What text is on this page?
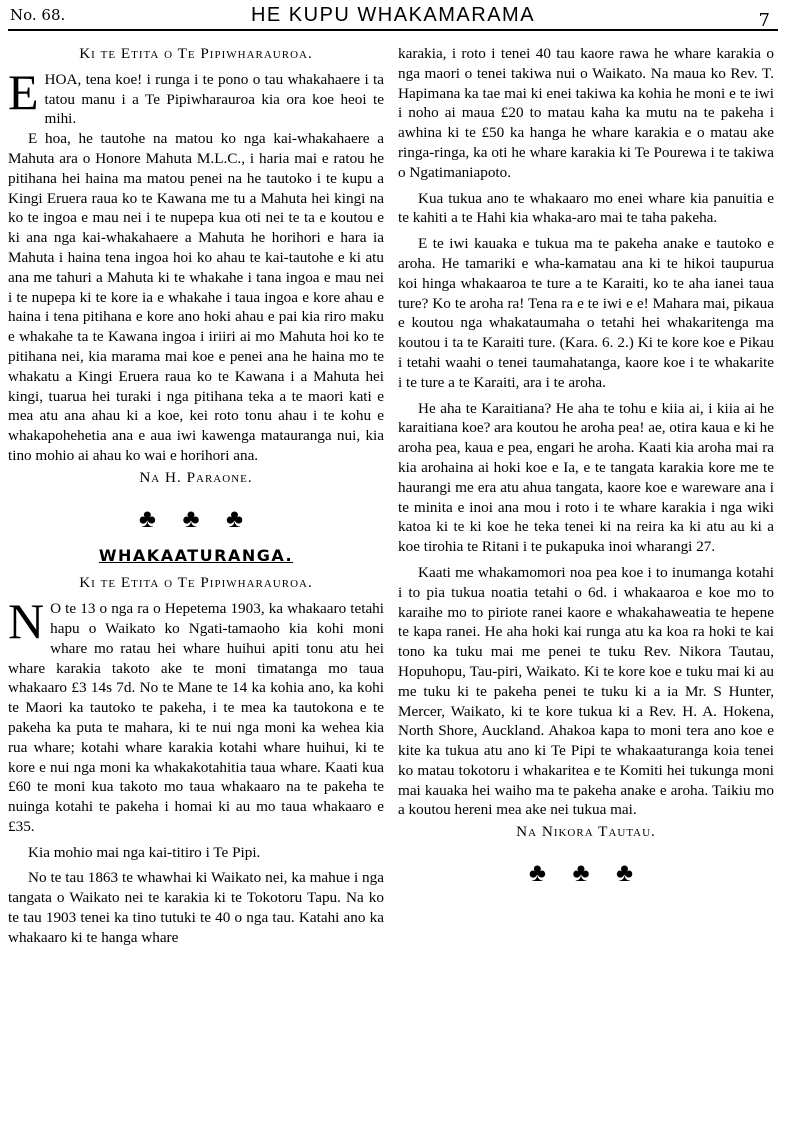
No. 68.	HE KUPU WHAKAMARAMA	7

Ki te Etita o Te Pipiwharauroa.

EHOA, tena koe! i runga i te pono o tau whakahaere i ta tatou manu i a Te Pipiwharauroa kia ora koe heoi te mihi.

E hoa, he tautohe na matou ko nga kai-whakahaere a Mahuta ara o Honore Mahuta M.L.C., i haria mai e ratou he pitihana hei haina ma matou penei na he tautoko i te kupu a Kingi Eruera raua ko te Kawana me tu a Mahuta hei kingi na ko te ingoa e mau nei i te nupepa kua oti nei te ta e koutou e ki ana nga kai-whakahaere a Mahuta he horihori e hara ia Mahuta i haina tena ingoa hoi ko ahau te kai-tautohe e ki atu ana me tahuri a Mahuta ki te whakahe i tana ingoa e mau nei i te nupepa ki te kore ia e whakahe i taua ingoa e kore ahau e haina i tena pitihana e kore ano hoki ahau e pai kia riro maku e whakahe ta te Kawana ingoa i iriiri ai mo Mahuta hoi ko te pitihana nei, kia marama mai koe e penei ana he haina mo te whakatu a Kingi Eruera raua ko te Kawana i a Mahuta hei kingi, tuarua hei turaki i nga pitihana teka a te maori kati e mea atu ana ahau ki a koe, kei roto tonu ahau i te kohu e whakapohehetia ana e aua iwi kawenga matauranga nui, kia tino mohio ai ahau ko wai e horihori ana.

Na H. Paraone.

♣ ♣ ♣
WHAKAATURANGA.

Ki te Etita o Te Pipiwharauroa.

N O te 13 o nga ra o Hepetema 1903, ka whakaaro tetahi hapu o Waikato ko Ngati-tamaoho kia kohi moni whare mo ratau hei whare huihui apiti tonu atu hei whare karakia takoto ake te moni timatanga mo taua whakaaro £3 14s 7d. No te Mane te 14 ka kohia ano, ka kohi te Maori ka tautoko te pakeha, i te mea ka tautokona e te pakeha ka puta te mahara, ki te nui nga moni ka wehea kia rua whare; kotahi whare karakia kotahi whare huihui, ki te kore e nui nga moni ka whakakotahitia taua whare. Kaati kua £60 te moni kua takoto mo taua whakaaro na te pakeha te nuinga kotahi te pakeha i homai ki au mo taua whakaaro e £35.

Kia mohio mai nga kai-titiro i Te Pipi.

No te tau 1863 te whawhai ki Waikato nei, ka mahue i nga tangata o Waikato nei te karakia ki te Tokotoru Tapu. Na ko te tau 1903 tenei ka tino tutuki te 40 o nga tau. Katahi ano ka whakaaro ki te hanga whare

karakia, i roto i tenei 40 tau kaore rawa he whare karakia o nga maori o tenei takiwa nui o Waikato. Na maua ko Rev. T. Hapimana ka tae mai ki enei takiwa ka kohia he moni e te iwi i noho ai maua £20 to matau kaha ka mutu na te pakeha i awhina ki te £50 ka hanga he whare karakia e o matau ake ringa-ringa, ka oti he whare karakia ki Te Pourewa i te takiwa o Ngatimaniapoto.

Kua tukua ano te whakaaro mo enei whare kia panuitia e te kahiti a te Hahi kia whaka-aro mai te taha pakeha.

E te iwi kauaka e tukua ma te pakeha anake e tautoko e aroha. He tamariki e wha-kamatau ana ki te hikoi taupurua koi hinga whakaaroa te ture a te Karaiti, ko te aha ianei taua ture? Ko te aroha ra! Tena ra e te iwi e e! Mahara mai, pikaua e koutou nga whakataumaha o tetahi hei whakaritenga ma koutou i ta te Karaiti ture. (Kara. 6. 2.) Ki te kore koe e Pikau i tetahi waahi o tenei taumahatanga, kaore koe i te whakarite i te ture a te Karaiti, ara i te aroha.

He aha te Karaitiana? He aha te tohu e kiia ai, i kiia ai he karaitiana koe? ara koutou he aroha pea! ae, otira kaua e ki he aroha pea, kaua e pea, engari he aroha. Kaati kia aroha mai ra kia arohaina ai hoki koe e Ia, e te tangata karakia kore me te haurangi me era atu ahua tangata, kaore koe e wareware ana i te minita e inoi ana mou i roto i te whare karakia i nga wiki katoa ki te ki koe he teka tenei ki na reira ka ki atu au ki a koe tirohia te Ritani i te pukapuka inoi wharangi 27.

Kaati me whakamomori noa pea koe i to inumanga kotahi i to pia tukua noatia tetahi o 6d. i whakaaroa e koe mo to karaihe mo to piriote ranei kaore e whakahaweatia te hepene te kapa ranei. He aha hoki kai runga atu ka koa ra hoki te kai tono ka tuku mai me penei te tuku Rev. Nikora Tautau, Hopuhopu, Tau-piri, Waikato. Ki te kore koe e tuku mai ki au me tuku ki te pakeha penei te tuku ki a ia Mr. S Hunter, Mercer, Waikato, ki te kore tukua ki a Rev. H. A. Hokena, North Shore, Auckland. Ahakoa kapa to moni tera ano koe e kite ka tukua atu ano ki Te Pipi te whakaaturanga koia tenei ko matau tokotoru i whakaritea e te Komiti hei tukunga moni mai kauaka hei waiho ma te pakeha anake e aroha. Taikiu mo a koutou hereni mea ake nei tukua mai.

Na Nikora Tautau.

♣ ♣ ♣
